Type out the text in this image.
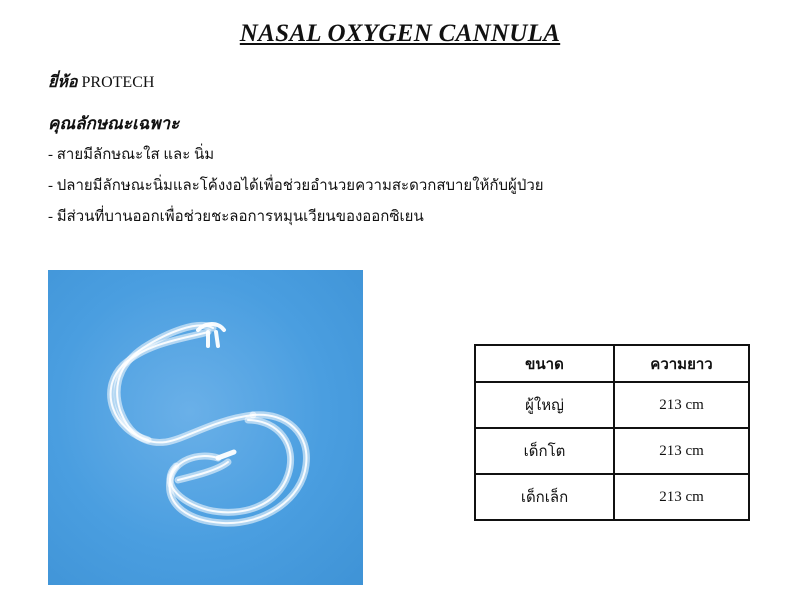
NASAL OXYGEN CANNULA
ยี่ห้อ PROTECH
คุณลักษณะเฉพาะ
- สายมีลักษณะใส และ นิ่ม
- ปลายมีลักษณะนิ่มและโค้งงอได้เพื่อช่วยอำนวยความสะดวกสบายให้กับผู้ป่วย
- มีส่วนที่บานออกเพื่อช่วยชะลอการหมุนเวียนของออกซิเยน
ขนาด	ความยาว
ผู้ใหญ่	213 cm
เด็กโต	213 cm
เด็กเล็ก	213 cm
